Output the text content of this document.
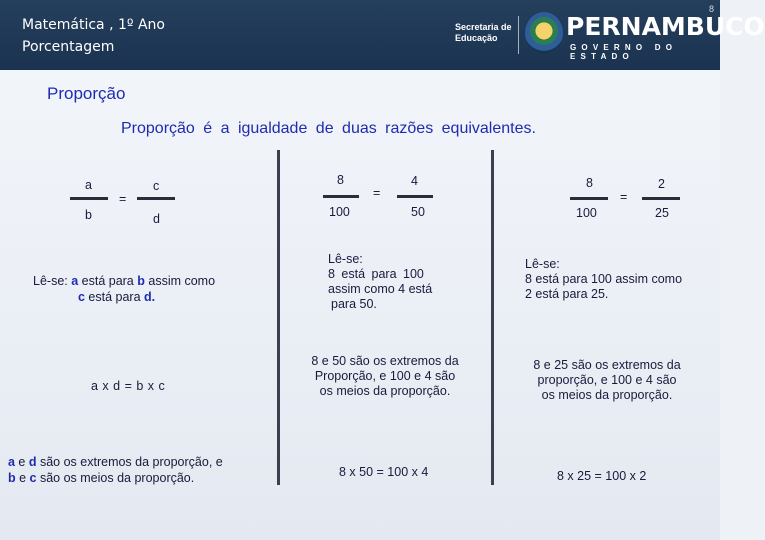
Matemática , 1º Ano
Porcentagem
Secretaria de
Educação	PERNAMBUCO
GOVERNO DO ESTADO
8
Proporção
Proporção é a igualdade de duas razões equivalentes.
a
b
=
c
d
Lê-se: a está para b assim como
c está para d.
a x d = b x c
a e d são os extremos da proporção, e
b e c são os meios da proporção.
8
100
=
4
50
Lê-se:
8 está para 100
assim como 4 está
para 50.
8 e 50 são os extremos da
Proporção, e 100 e 4 são
os meios da proporção.
8 x 50 = 100 x 4
8
100
=
2
25
Lê-se:
8 está para 100 assim como
2 está para 25.
8 e 25 são os extremos da
proporção, e 100 e 4 são
os meios da proporção.
8 x 25 = 100 x 2
